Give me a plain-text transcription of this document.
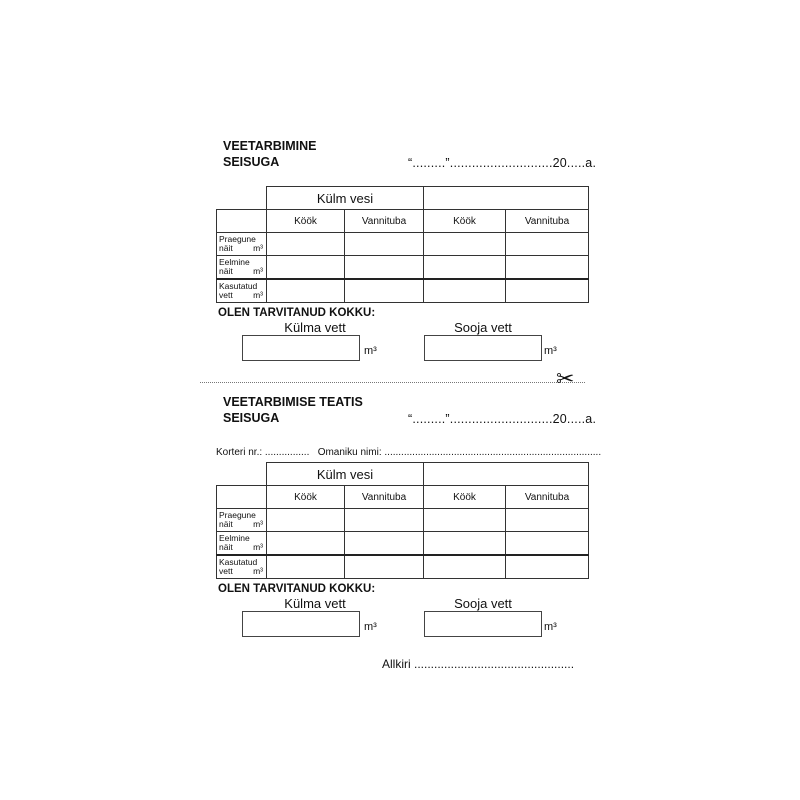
VEETARBIMINE
SEISUGA	“.........”............................20.....a.
	Külm vesi			
	Köök	Vannituba	Köök	Vannituba
Praegune
näit m³				

Eelmine
näit m³				

Kasutatud
vett m³				

OLEN TARVITANUD KOKKU:
Külma vett	Sooja vett
m³	m³
✂
VEETARBIMISE TEATIS
SEISUGA	“.........”............................20.....a.
Korteri nr.: ................ Omaniku nimi: ..............................................................................
	Külm vesi			
	Köök	Vannituba	Köök	Vannituba
Praegune
näit m³				

Eelmine
näit m³				

Kasutatud
vett m³				

OLEN TARVITANUD KOKKU:
Külma vett	Sooja vett
m³	m³
Allkiri ................................................
